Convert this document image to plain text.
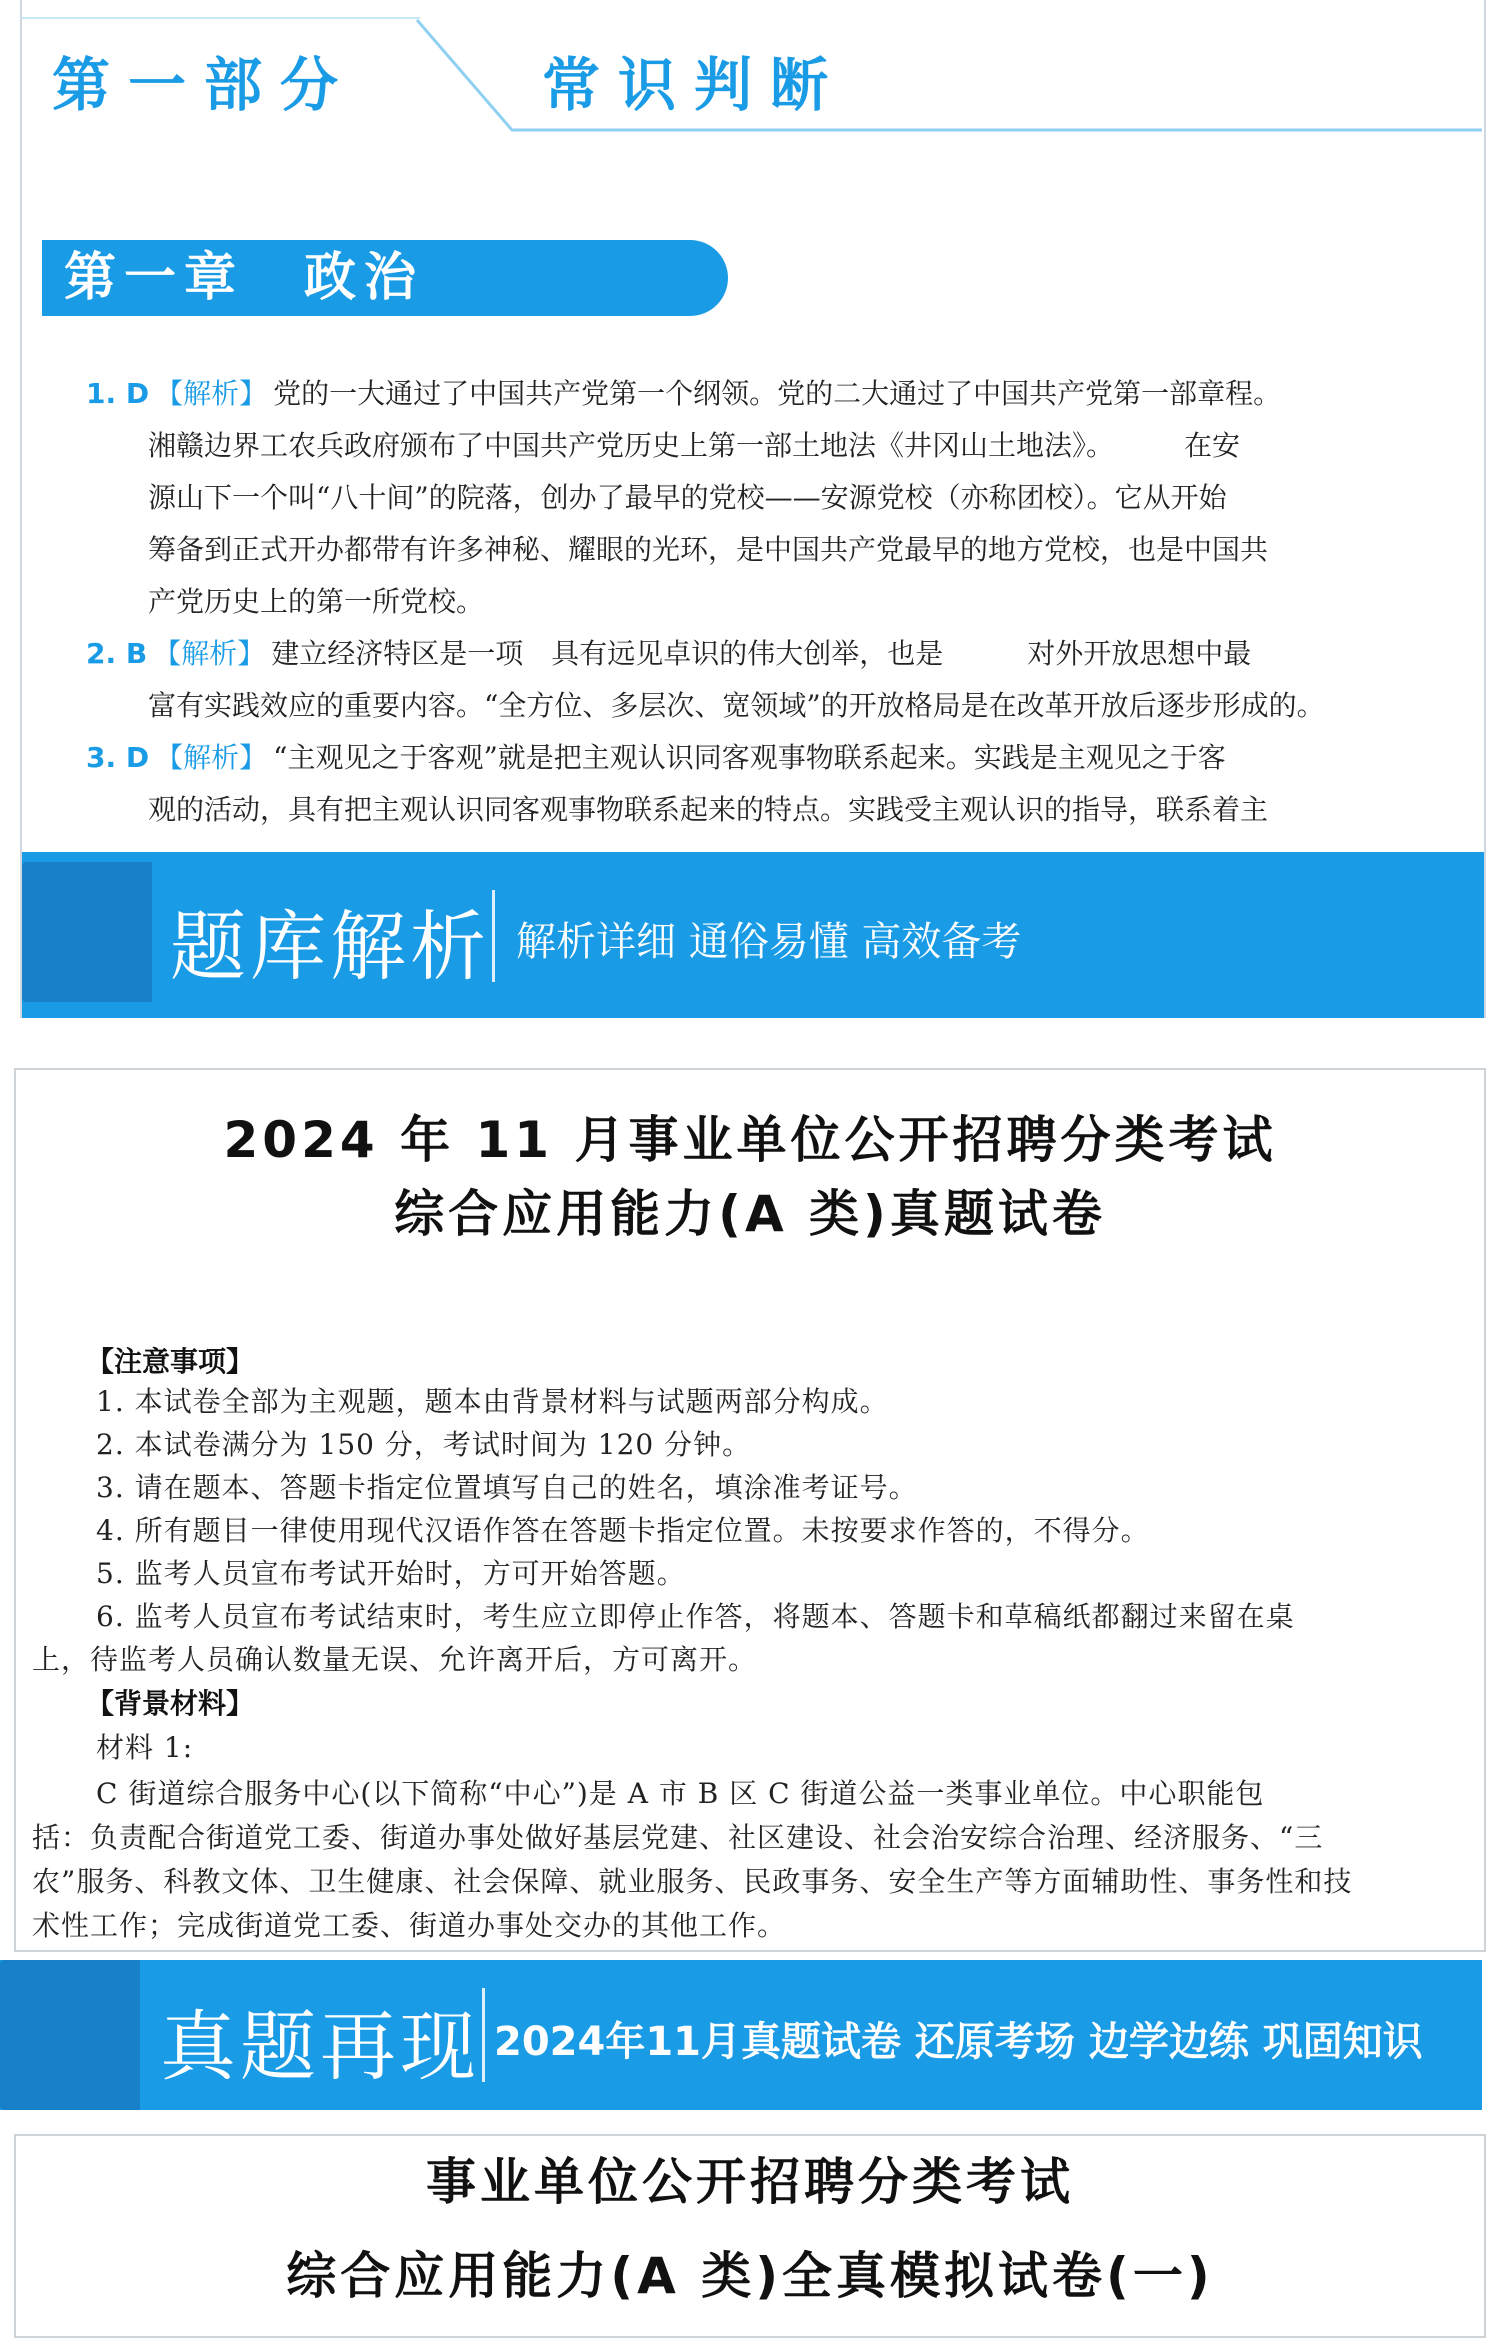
第一部分	常识判断
第一章　政治
1. D 【解析】 党的一大通过了中国共产党第一个纲领。党的二大通过了中国共产党第一部章程。
湘赣边界工农兵政府颁布了中国共产党历史上第一部土地法《井冈山土地法》。　　　在安
源山下一个叫“八十间”的院落，创办了最早的党校——安源党校（亦称团校）。它从开始
筹备到正式开办都带有许多神秘、耀眼的光环，是中国共产党最早的地方党校，也是中国共
产党历史上的第一所党校。
2. B 【解析】 建立经济特区是一项　具有远见卓识的伟大创举，也是　　　对外开放思想中最
富有实践效应的重要内容。“全方位、多层次、宽领域”的开放格局是在改革开放后逐步形成的。
3. D 【解析】 “主观见之于客观”就是把主观认识同客观事物联系起来。实践是主观见之于客
观的活动，具有把主观认识同客观事物联系起来的特点。实践受主观认识的指导，联系着主
题库解析 解析详细 通俗易懂 高效备考
2024 年 11 月事业单位公开招聘分类考试
综合应用能力(A 类)真题试卷
【注意事项】
1. 本试卷全部为主观题，题本由背景材料与试题两部分构成。
2. 本试卷满分为 150 分，考试时间为 120 分钟。
3. 请在题本、答题卡指定位置填写自己的姓名，填涂准考证号。
4. 所有题目一律使用现代汉语作答在答题卡指定位置。未按要求作答的，不得分。
5. 监考人员宣布考试开始时，方可开始答题。
6. 监考人员宣布考试结束时，考生应立即停止作答，将题本、答题卡和草稿纸都翻过来留在桌
上，待监考人员确认数量无误、允许离开后，方可离开。
【背景材料】
材料 1:
C 街道综合服务中心(以下简称“中心”)是 A 市 B 区 C 街道公益一类事业单位。中心职能包
括：负责配合街道党工委、街道办事处做好基层党建、社区建设、社会治安综合治理、经济服务、“三
农”服务、科教文体、卫生健康、社会保障、就业服务、民政事务、安全生产等方面辅助性、事务性和技
术性工作；完成街道党工委、街道办事处交办的其他工作。
真题再现 2024年11月真题试卷 还原考场 边学边练 巩固知识
事业单位公开招聘分类考试
综合应用能力(A 类)全真模拟试卷(一)
